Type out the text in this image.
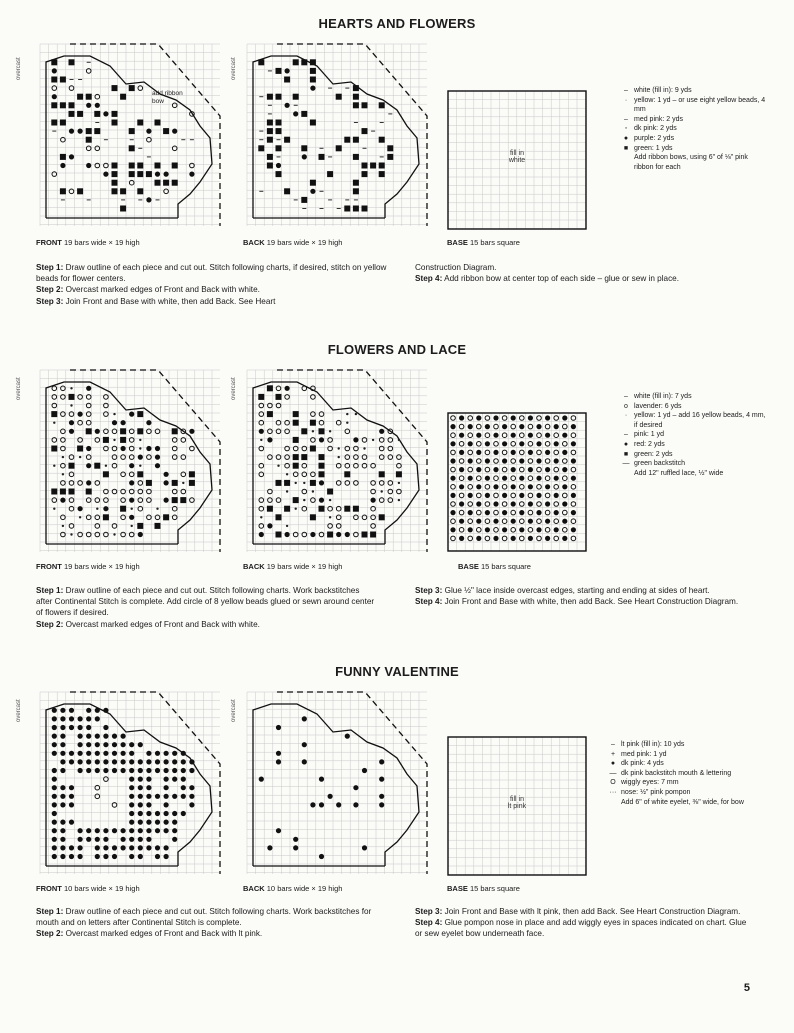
HEARTS AND FLOWERS
overcast
FRONT 19 bars wide × 19 high
add ribbon bow
overcast
BACK 19 bars wide × 19 high
fill in
white
BASE 15 bars square
– white (fill in): 9 yds
· yellow: 1 yd – or use eight yellow beads, 4 mm
– med pink: 2 yds
◦ dk pink: 2 yds
● purple: 2 yds
■ green: 1 yds
Add ribbon bows, using 6" of ⅛" pink ribbon for each

Step 1: Draw outline of each piece and cut out. Stitch following charts, if desired, stitch on yellow beads for flower centers.

Step 2: Overcast marked edges of Front and Back with white.

Step 3: Join Front and Base with white, then add Back. See Heart

Construction Diagram.

Step 4: Add ribbon bow at center top of each side – glue or sew in place.

FLOWERS AND LACE
overcast
FRONT 19 bars wide × 19 high
overcast
BACK 19 bars wide × 19 high	BASE 15 bars square
– white (fill in): 7 yds
o lavender: 6 yds
· yellow: 1 yd – add 16 yellow beads, 4 mm, if desired
– pink: 1 yd
● red: 2 yds
■ green: 2 yds
— green backstitch
Add 12" ruffled lace, ½" wide

Step 1: Draw outline of each piece and cut out. Stitch following charts. Work backstitches after Continental Stitch is complete. Add circle of 8 yellow beads glued or sewn around center of flowers if desired.

Step 2: Overcast marked edges of Front and Back with white.

Step 3: Glue ½" lace inside overcast edges, starting and ending at sides of heart.

Step 4: Join Front and Base with white, then add Back. See Heart Construction Diagram.

FUNNY VALENTINE
overcast
FRONT 10 bars wide × 19 high
overcast
BACK 10 bars wide × 19 high
fill in
lt pink
BASE 15 bars square
– lt pink (fill in): 10 yds
+ med pink: 1 yd
● dk pink: 4 yds
— dk pink backstitch mouth & lettering
O wiggly eyes: 7 mm
··· nose: ½" pink pompon
Add 6" of white eyelet, ⅜" wide, for bow

Step 1: Draw outline of each piece and cut out. Stitch following charts. Work backstitches for mouth and on letters after Continental Stitch is complete.

Step 2: Overcast marked edges of Front and Back with lt pink.

Step 3: Join Front and Base with lt pink, then add Back. See Heart Construction Diagram.

Step 4: Glue pompon nose in place and add wiggly eyes in spaces indicated on chart. Glue or sew eyelet bow underneath face.

5
